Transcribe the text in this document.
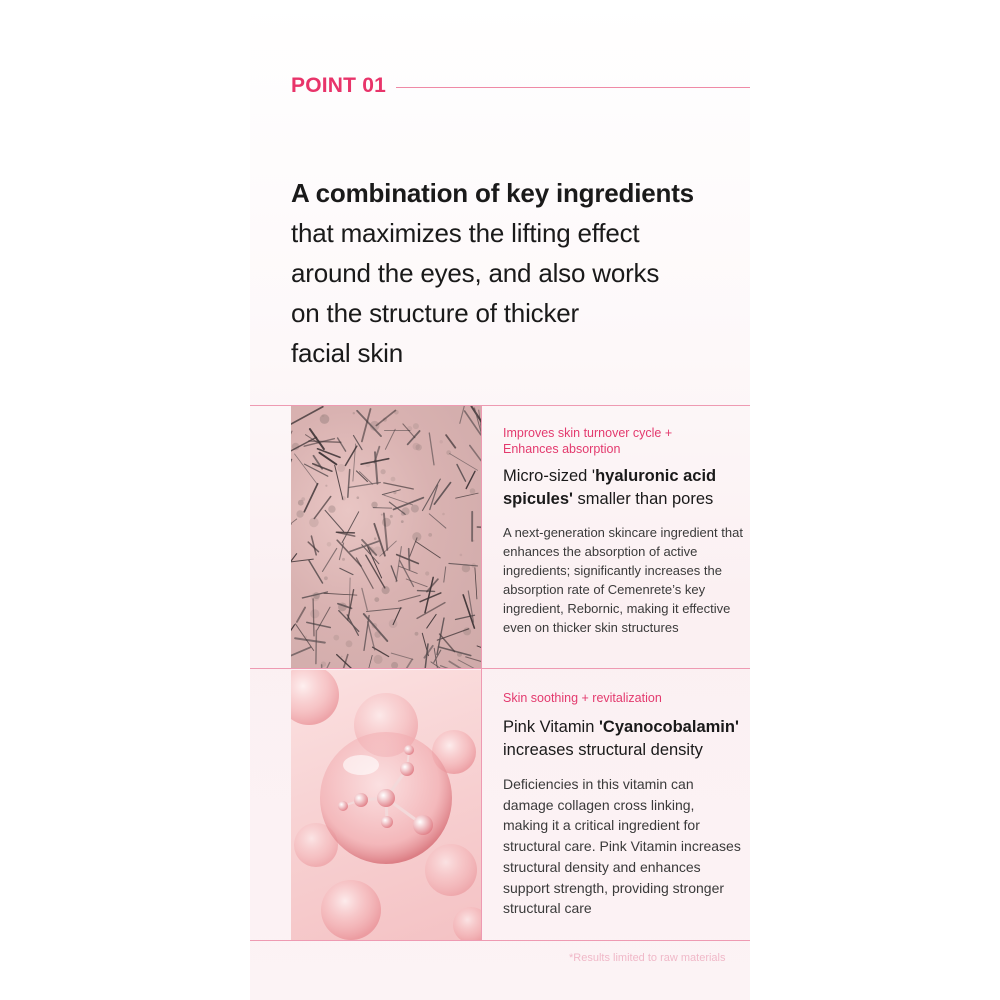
POINT 01
A combination of key ingredients
that maximizes the lifting effect
around the eyes, and also works
on the structure of thicker
facial skin
Improves skin turnover cycle +
Enhances absorption
Micro-sized 'hyaluronic acid
spicules' smaller than pores
A next-generation skincare ingredient that enhances the absorption of active ingredients; significantly increases the absorption rate of Cemenrete’s key ingredient, Rebornic, making it effective even on thicker skin structures
Skin soothing + revitalization
Pink Vitamin 'Cyanocobalamin'
increases structural density
Deficiencies in this vitamin can damage collagen cross linking, making it a critical ingredient for structural care. Pink Vitamin increases structural density and enhances support strength, providing stronger structural care
*Results limited to raw materials
